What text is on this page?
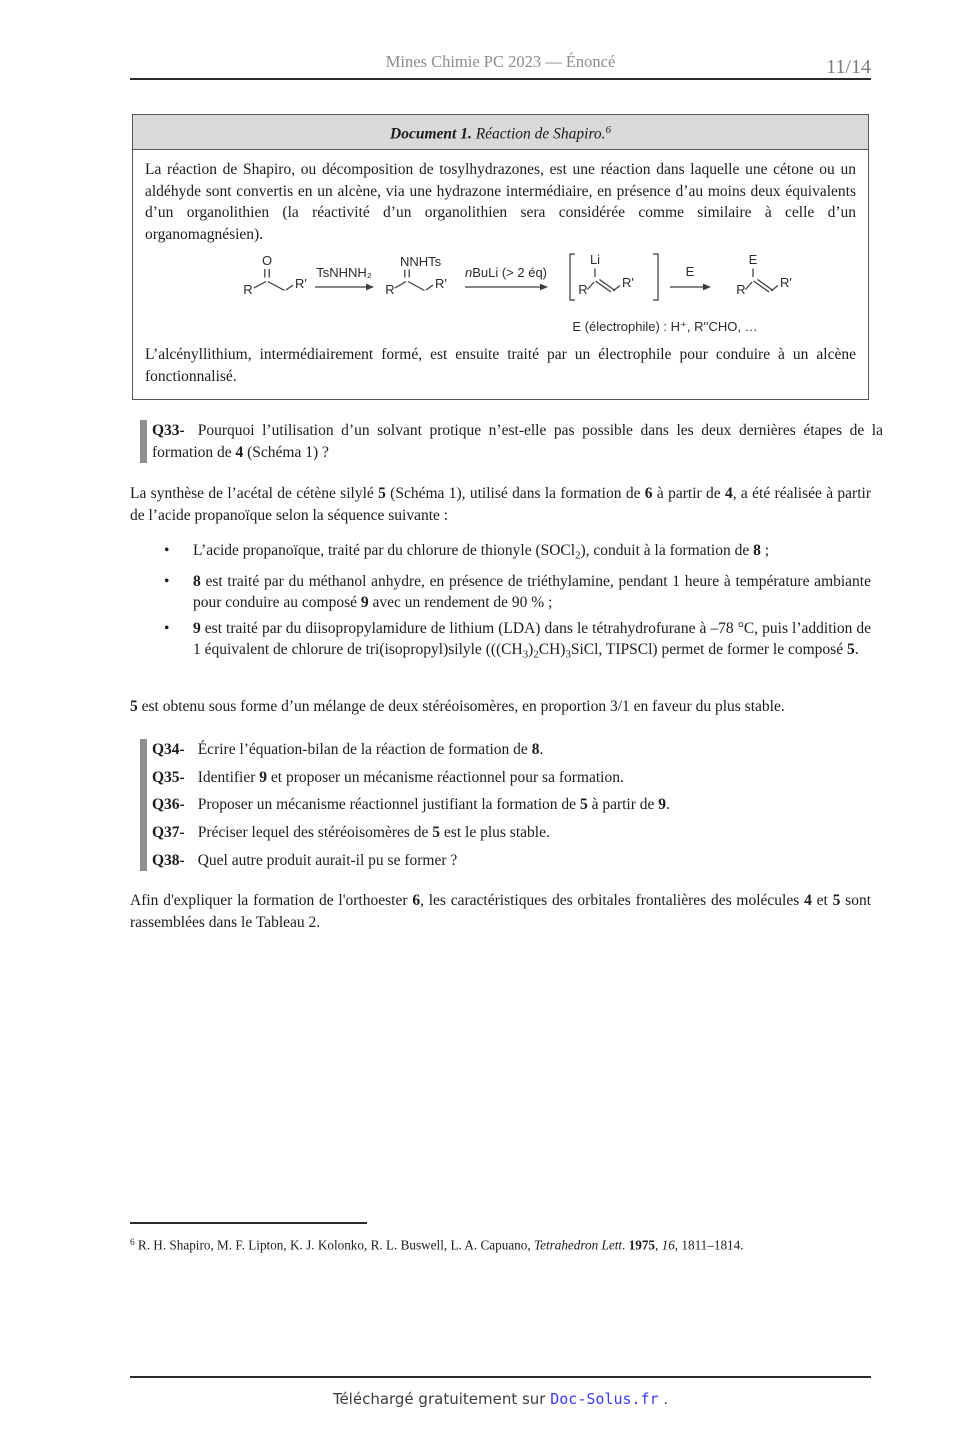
Mines Chimie PC 2023 — Énoncé	11/14
Document 1. Réaction de Shapiro.$^6$

La réaction de Shapiro, ou décomposition de tosylhydrazones, est une réaction dans laquelle une cétone ou un aldéhyde sont convertis en un alcène, via une hydrazone intermédiaire, en présence d’au moins deux équivalents d’un organolithien (la réactivité d’un organolithien sera considérée comme similaire à celle d’un organomagnésien).

R
O
R'
TsNHNH₂
R
NNHTs
R'
nBuLi (> 2 éq)
Li
R	R'
E
E
R	R'
E (électrophile) : H⁺, R''CHO, …

L’alcényllithium, intermédiairement formé, est ensuite traité par un électrophile pour conduire à un alcène fonctionnalisé.

Q33- Pourquoi l’utilisation d’un solvant protique n’est-elle pas possible dans les deux dernières étapes de la formation de 4 (Schéma 1) ?

La synthèse de l’acétal de cétène silylé 5 (Schéma 1), utilisé dans la formation de 6 à partir de 4, a été réalisée à partir de l’acide propanoïque selon la séquence suivante :

• L’acide propanoïque, traité par du chlorure de thionyle (SOCl$_2$), conduit à la formation de 8 ;
• 8 est traité par du méthanol anhydre, en présence de triéthylamine, pendant 1 heure à température ambiante pour conduire au composé 9 avec un rendement de 90 % ;
• 9 est traité par du diisopropylamidure de lithium (LDA) dans le tétrahydrofurane à –78 °C, puis l’addition de 1 équivalent de chlorure de tri(isopropyl)silyle ($((CH_3)_2CH)_3SiCl$, TIPSCl) permet de former le composé 5.

5 est obtenu sous forme d’un mélange de deux stéréoisomères, en proportion 3/1 en faveur du plus stable.

Q34- Écrire l’équation-bilan de la réaction de formation de 8.

Q35- Identifier 9 et proposer un mécanisme réactionnel pour sa formation.

Q36- Proposer un mécanisme réactionnel justifiant la formation de 5 à partir de 9.

Q37- Préciser lequel des stéréoisomères de 5 est le plus stable.

Q38- Quel autre produit aurait-il pu se former ?

Afin d'expliquer la formation de l'orthoester 6, les caractéristiques des orbitales frontalières des molécules 4 et 5 sont rassemblées dans le Tableau 2.

$^6$ R. H. Shapiro, M. F. Lipton, K. J. Kolonko, R. L. Buswell, L. A. Capuano, Tetrahedron Lett. 1975, 16, 1811–1814.

Téléchargé gratuitement sur Doc-Solus.fr .
